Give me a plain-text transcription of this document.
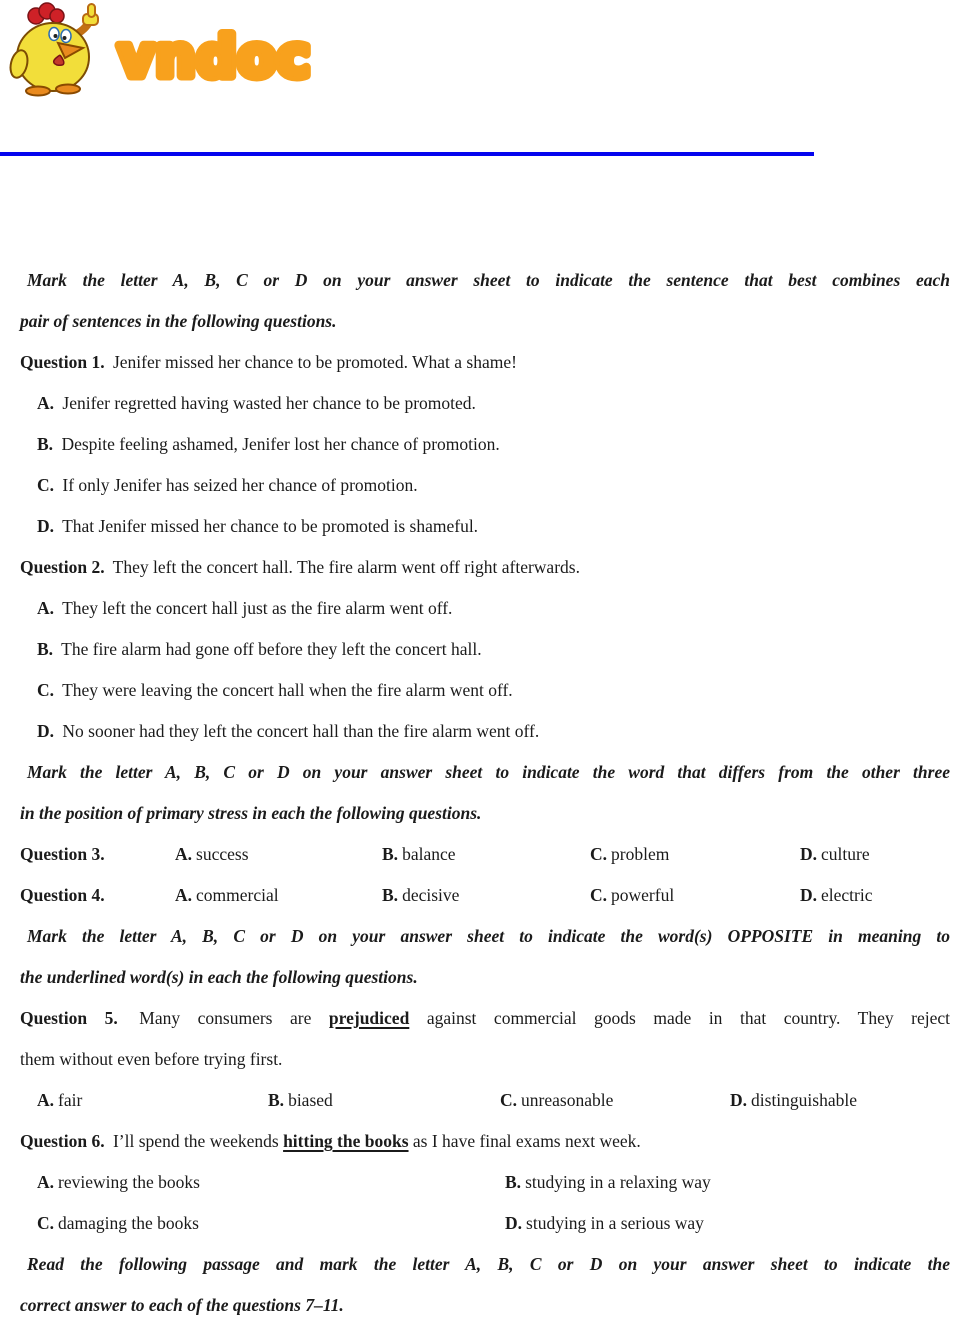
vndoc

Mark the letter A, B, C or D on your answer sheet to indicate the sentence that best combines each

pair of sentences in the following questions.

Question 1. Jenifer missed her chance to be promoted. What a shame!

A. Jenifer regretted having wasted her chance to be promoted.

B. Despite feeling ashamed, Jenifer lost her chance of promotion.

C. If only Jenifer has seized her chance of promotion.

D. That Jenifer missed her chance to be promoted is shameful.

Question 2. They left the concert hall. The fire alarm went off right afterwards.

A. They left the concert hall just as the fire alarm went off.

B. The fire alarm had gone off before they left the concert hall.

C. They were leaving the concert hall when the fire alarm went off.

D. No sooner had they left the concert hall than the fire alarm went off.

Mark the letter A, B, C or D on your answer sheet to indicate the word that differs from the other three

in the position of primary stress in each the following questions.

Question 3.	A. success	B. balance	C. problem	D. culture
Question 4.	A. commercial	B. decisive	C. powerful	D. electric

Mark the letter A, B, C or D on your answer sheet to indicate the word(s) OPPOSITE in meaning to

the underlined word(s) in each the following questions.

Question 5. Many consumers are prejudiced against commercial goods made in that country. They reject

them without even before trying first.

A. fair	B. biased	C. unreasonable	D. distinguishable

Question 6. I’ll spend the weekends hitting the books as I have final exams next week.

A. reviewing the books	B. studying in a relaxing way
C. damaging the books	D. studying in a serious way

Read the following passage and mark the letter A, B, C or D on your answer sheet to indicate the

correct answer to each of the questions 7–11.
